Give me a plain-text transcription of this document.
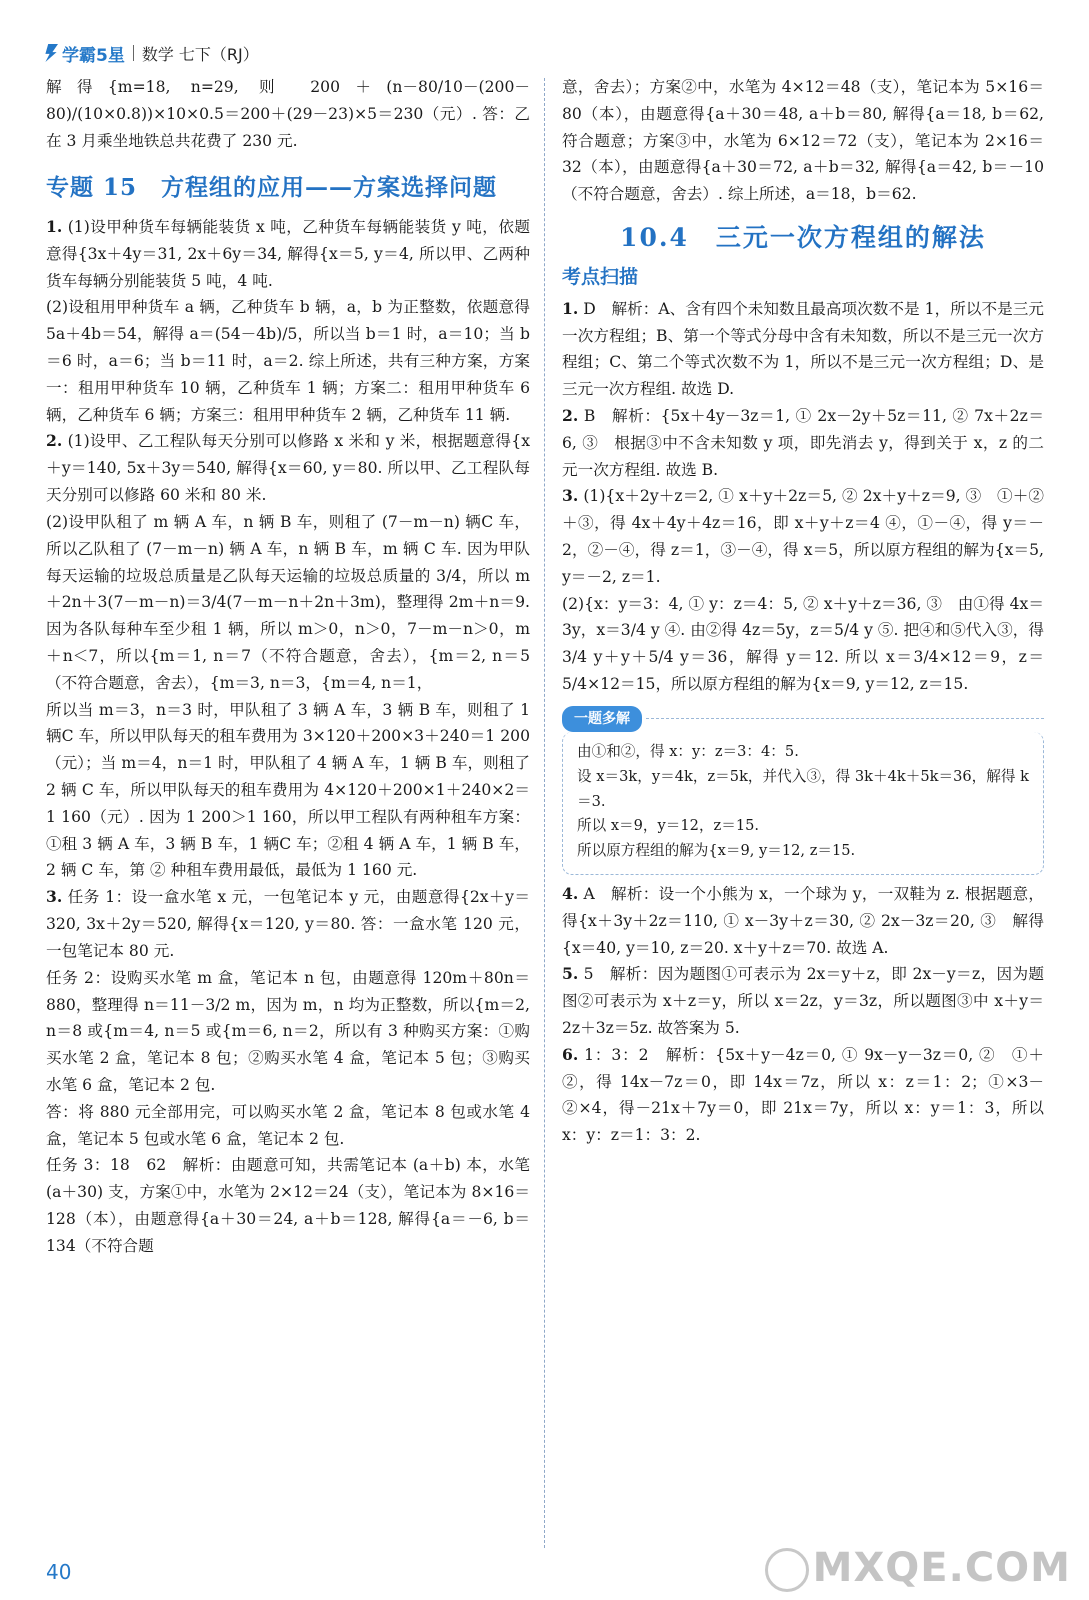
学霸5星 数学 七下（RJ）

解得{m=18, n=29, 则 200＋(n－80/10－(200－80)/(10×0.8))×10×0.5＝200＋(29－23)×5＝230（元）. 答：乙在 3 月乘坐地铁总共花费了 230 元.

专题 15　方程组的应用——方案选择问题

1. (1)设甲种货车每辆能装货 x 吨，乙种货车每辆能装货 y 吨，依题意得{3x＋4y＝31, 2x＋6y＝34, 解得{x＝5, y＝4, 所以甲、乙两种货车每辆分别能装货 5 吨，4 吨.

(2)设租用甲种货车 a 辆，乙种货车 b 辆，a，b 为正整数，依题意得 5a＋4b＝54，解得 a＝(54－4b)/5，所以当 b＝1 时，a＝10；当 b＝6 时，a＝6；当 b＝11 时，a＝2. 综上所述，共有三种方案，方案一：租用甲种货车 10 辆，乙种货车 1 辆；方案二：租用甲种货车 6 辆，乙种货车 6 辆；方案三：租用甲种货车 2 辆，乙种货车 11 辆.

2. (1)设甲、乙工程队每天分别可以修路 x 米和 y 米，根据题意得{x＋y＝140, 5x＋3y＝540, 解得{x＝60, y＝80. 所以甲、乙工程队每天分别可以修路 60 米和 80 米.

(2)设甲队租了 m 辆 A 车，n 辆 B 车，则租了 (7－m－n) 辆C 车，所以乙队租了 (7－m－n) 辆 A 车，n 辆 B 车，m 辆 C 车. 因为甲队每天运输的垃圾总质量是乙队每天运输的垃圾总质量的 3/4，所以 m＋2n＋3(7－m－n)＝3/4(7－m－n＋2n＋3m)，整理得 2m＋n＝9. 因为各队每种车至少租 1 辆，所以 m＞0，n＞0，7－m－n＞0，m＋n＜7，所以{m＝1, n＝7（不符合题意，舍去），{m＝2, n＝5（不符合题意，舍去），{m＝3, n＝3，{m＝4, n＝1，

所以当 m＝3，n＝3 时，甲队租了 3 辆 A 车，3 辆 B 车，则租了 1 辆C 车，所以甲队每天的租车费用为 3×120＋200×3＋240＝1 200（元）；当 m＝4，n＝1 时，甲队租了 4 辆 A 车，1 辆 B 车，则租了 2 辆 C 车，所以甲队每天的租车费用为 4×120＋200×1＋240×2＝1 160（元）. 因为 1 200＞1 160，所以甲工程队有两种租车方案：①租 3 辆 A 车，3 辆 B 车，1 辆C 车；②租 4 辆 A 车，1 辆 B 车，2 辆 C 车，第 ② 种租车费用最低，最低为 1 160 元.

3. 任务 1：设一盒水笔 x 元，一包笔记本 y 元，由题意得{2x＋y＝320, 3x＋2y＝520, 解得{x＝120, y＝80. 答：一盒水笔 120 元，一包笔记本 80 元.

任务 2：设购买水笔 m 盒，笔记本 n 包，由题意得 120m＋80n＝880，整理得 n＝11－3/2 m，因为 m，n 均为正整数，所以{m＝2, n＝8 或{m＝4, n＝5 或{m＝6, n＝2，所以有 3 种购买方案：①购买水笔 2 盒，笔记本 8 包；②购买水笔 4 盒，笔记本 5 包；③购买水笔 6 盒，笔记本 2 包.

答：将 880 元全部用完，可以购买水笔 2 盒，笔记本 8 包或水笔 4 盒，笔记本 5 包或水笔 6 盒，笔记本 2 包.

任务 3：18　62　解析：由题意可知，共需笔记本 (a＋b) 本，水笔 (a＋30) 支，方案①中，水笔为 2×12＝24（支），笔记本为 8×16＝128（本），由题意得{a＋30＝24, a＋b＝128, 解得{a＝－6, b＝134（不符合题

意，舍去）；方案②中，水笔为 4×12＝48（支），笔记本为 5×16＝80（本），由题意得{a＋30＝48, a＋b＝80, 解得{a＝18, b＝62, 符合题意；方案③中，水笔为 6×12＝72（支），笔记本为 2×16＝32（本），由题意得{a＋30＝72, a＋b＝32, 解得{a＝42, b＝－10（不符合题意，舍去）. 综上所述，a＝18，b＝62.

10.4　三元一次方程组的解法
考点扫描

1. D　解析：A、含有四个未知数且最高项次数不是 1，所以不是三元一次方程组；B、第一个等式分母中含有未知数，所以不是三元一次方程组；C、第二个等式次数不为 1，所以不是三元一次方程组；D、是三元一次方程组. 故选 D.

2. B　解析：{5x＋4y－3z＝1, ① 2x－2y＋5z＝11, ② 7x＋2z＝6, ③　根据③中不含未知数 y 项，即先消去 y，得到关于 x，z 的二元一次方程组. 故选 B.

3. (1){x＋2y＋z＝2, ① x＋y＋2z＝5, ② 2x＋y＋z＝9, ③　①＋②＋③，得 4x＋4y＋4z＝16，即 x＋y＋z＝4 ④，①－④，得 y＝－2，②－④，得 z＝1，③－④，得 x＝5，所以原方程组的解为{x＝5, y＝－2, z＝1.

(2){x：y＝3：4, ① y：z＝4：5, ② x＋y＋z＝36, ③　由①得 4x＝3y，x＝3/4 y ④. 由②得 4z＝5y，z＝5/4 y ⑤. 把④和⑤代入③，得 3/4 y＋y＋5/4 y＝36，解得 y＝12. 所以 x＝3/4×12＝9，z＝5/4×12＝15，所以原方程组的解为{x＝9, y＝12, z＝15.

一题多解

由①和②，得 x：y：z＝3：4：5.

设 x＝3k，y＝4k，z＝5k，并代入③，得 3k＋4k＋5k＝36，解得 k＝3.

所以 x＝9，y＝12，z＝15.

所以原方程组的解为{x＝9, y＝12, z＝15.

4. A　解析：设一个小熊为 x，一个球为 y，一双鞋为 z. 根据题意，得{x＋3y＋2z＝110, ① x－3y＋z＝30, ② 2x－3z＝20, ③　解得{x＝40, y＝10, z＝20. x＋y＋z＝70. 故选 A.

5. 5　解析：因为题图①可表示为 2x＝y＋z，即 2x－y＝z，因为题图②可表示为 x＋z＝y，所以 x＝2z，y＝3z，所以题图③中 x＋y＝2z＋3z＝5z. 故答案为 5.

6. 1：3：2　解析：{5x＋y－4z＝0, ① 9x－y－3z＝0, ②　①＋②，得 14x－7z＝0，即 14x＝7z，所以 x：z＝1：2；①×3－②×4，得－21x＋7y＝0，即 21x＝7y，所以 x：y＝1：3，所以 x：y：z＝1：3：2.

40	MXQE.COM
